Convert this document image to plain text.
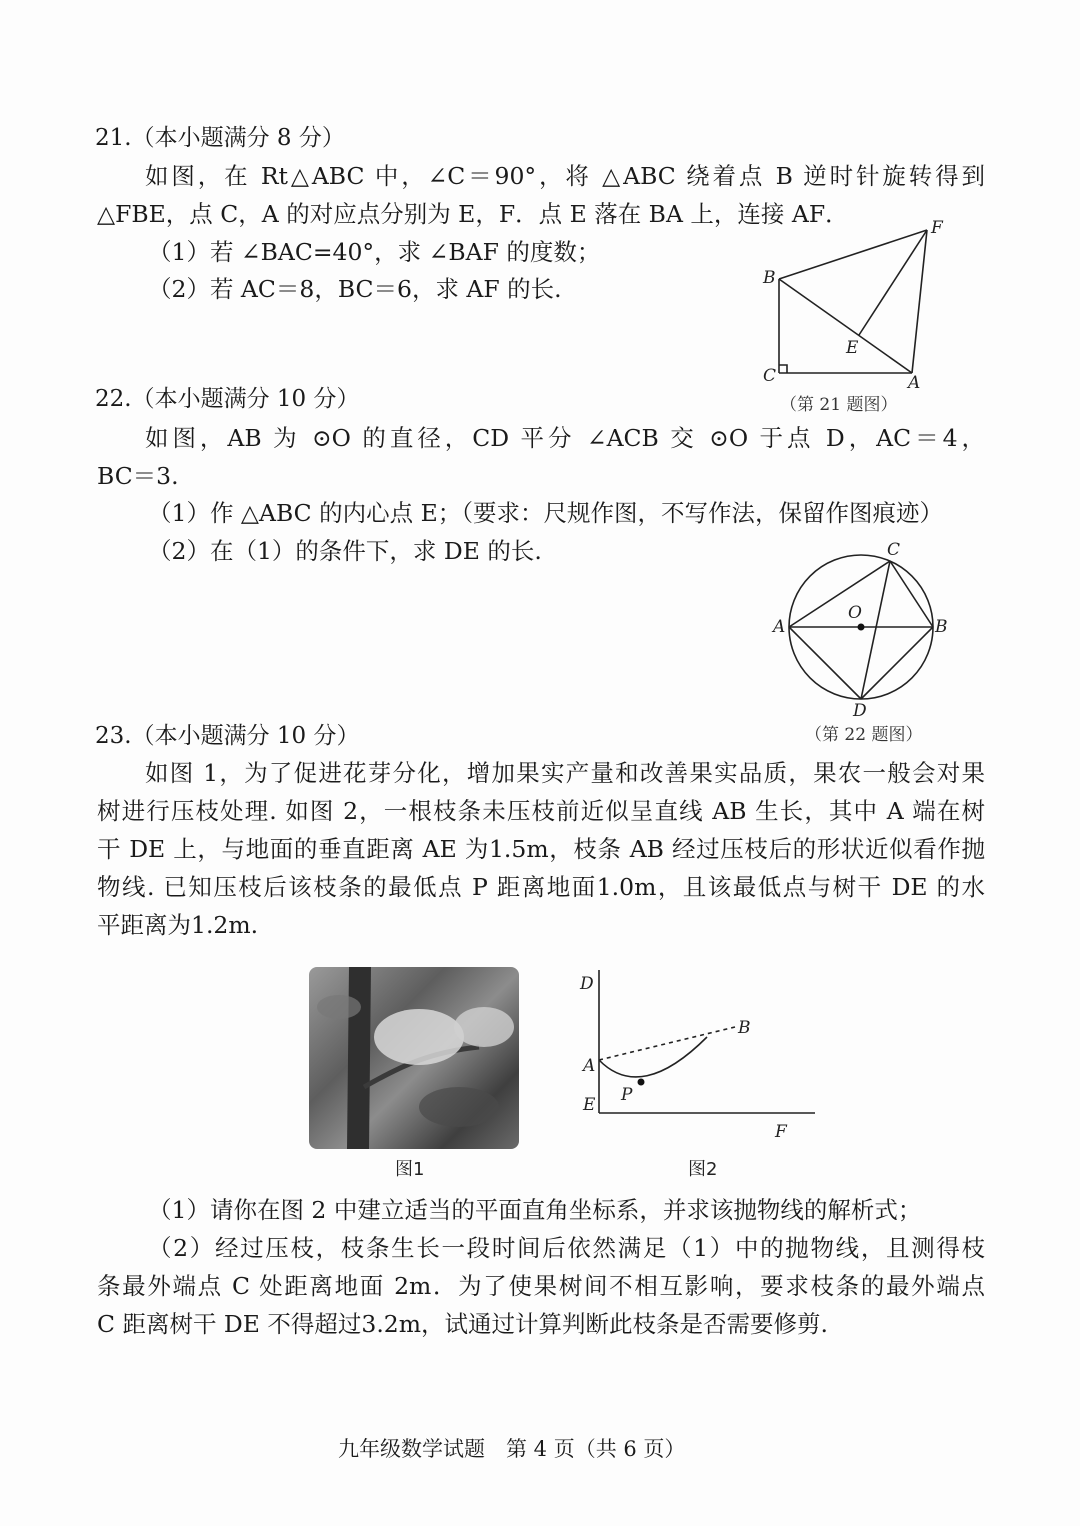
21.（本小题满分 8 分）
如图，在 Rt△ABC 中，∠C＝90°，将 △ABC 绕着点 B 逆时针旋转得到
△FBE，点 C，A 的对应点分别为 E，F．点 E 落在 BA 上，连接 AF．
（1）若 ∠BAC=40°，求 ∠BAF 的度数；
（2）若 AC＝8，BC＝6，求 AF 的长.	B
C
E
A
F
（第 21 题图）
22.（本小题满分 10 分）
如图，AB 为 ⊙O 的直径，CD 平分 ∠ACB 交 ⊙O 于点 D，AC＝4，
BC＝3.
（1）作 △ABC 的内心点 E；（要求：尺规作图，不写作法，保留作图痕迹）
（2）在（1）的条件下，求 DE 的长.	C
O
A	B
D
（第 22 题图）
23.（本小题满分 10 分）
如图 1，为了促进花芽分化，增加果实产量和改善果实品质，果农一般会对果
树进行压枝处理. 如图 2，一根枝条未压枝前近似呈直线 AB 生长，其中 A 端在树
干 DE 上，与地面的垂直距离 AE 为1.5m，枝条 AB 经过压枝后的形状近似看作抛
物线. 已知压枝后该枝条的最低点 P 距离地面1.0m，且该最低点与树干 DE 的水
平距离为1.2m.
图1
D
A
E P
B
F
图2
（1）请你在图 2 中建立适当的平面直角坐标系，并求该抛物线的解析式；
（2）经过压枝，枝条生长一段时间后依然满足（1）中的抛物线，且测得枝
条最外端点 C 处距离地面 2m．为了使果树间不相互影响，要求枝条的最外端点
C 距离树干 DE 不得超过3.2m，试通过计算判断此枝条是否需要修剪.
九年级数学试题　第 4 页（共 6 页）
